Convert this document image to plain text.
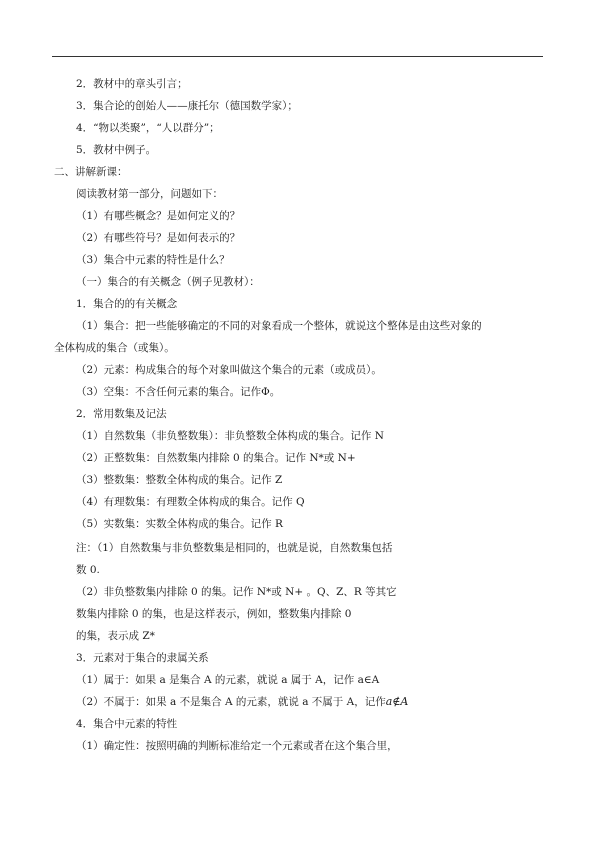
2．教材中的章头引言；
3．集合论的创始人——康托尔（德国数学家）；
4．“物以类聚”，“人以群分”；
5．教材中例子。
二、讲解新课：
阅读教材第一部分，问题如下：
（1）有哪些概念？是如何定义的？
（2）有哪些符号？是如何表示的？
（3）集合中元素的特性是什么？
（一）集合的有关概念（例子见教材）：
1．集合的的有关概念
（1）集合：把一些能够确定的不同的对象看成一个整体，就说这个整体是由这些对象的
全体构成的集合（或集）。
（2）元素：构成集合的每个对象叫做这个集合的元素（或成员）。
（3）空集：不含任何元素的集合。记作Φ。
2．常用数集及记法
（1）自然数集（非负整数集）：非负整数全体构成的集合。记作 N
（2）正整数集：自然数集内排除 0 的集合。记作 N*或 N+
（3）整数集：整数全体构成的集合。记作 Z
（4）有理数集：有理数全体构成的集合。记作 Q
（5）实数集：实数全体构成的集合。记作 R
注：（1）自然数集与非负整数集是相同的，也就是说，自然数集包括
数 0.
（2）非负整数集内排除 0 的集。记作 N*或 N+ 。Q、Z、R 等其它
数集内排除 0 的集，也是这样表示，例如，整数集内排除 0
的集，表示成 Z*
3．元素对于集合的隶属关系
（1）属于：如果 a 是集合 A 的元素，就说 a 属于 A，记作 a∈A
（2）不属于：如果 a 不是集合 A 的元素，就说 a 不属于 A，记作a∉A
4．集合中元素的特性
（1）确定性：按照明确的判断标准给定一个元素或者在这个集合里，
